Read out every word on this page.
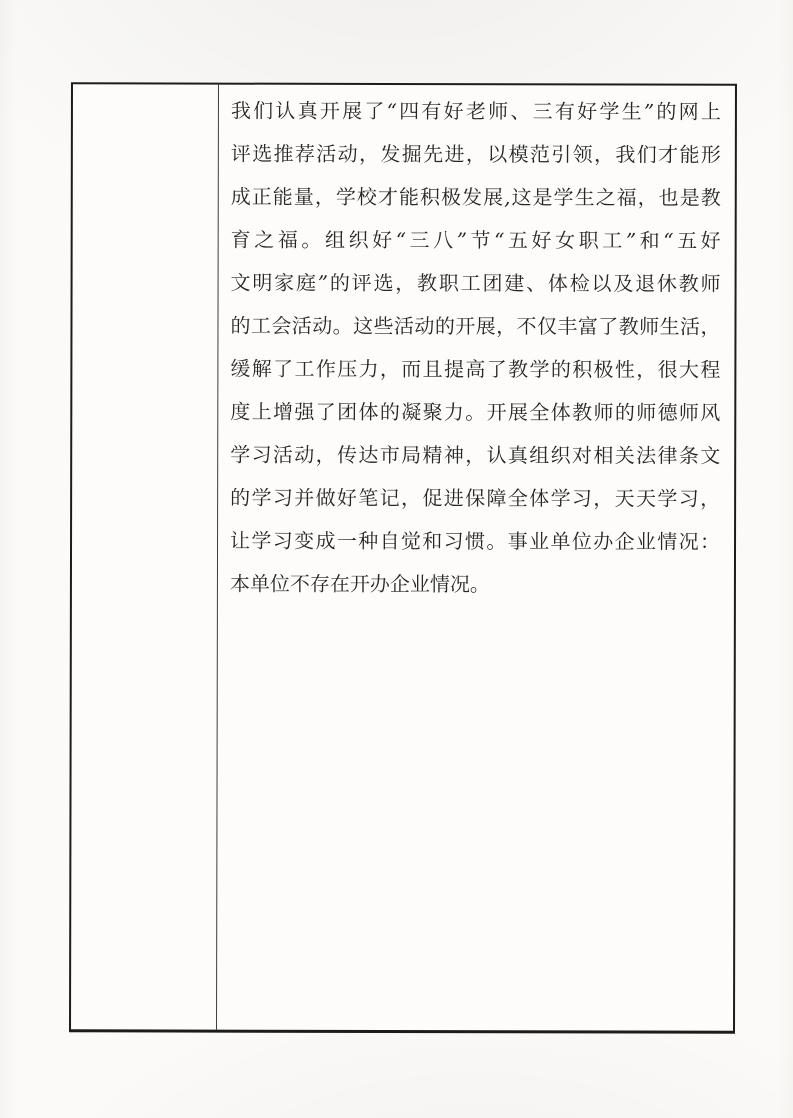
我们认真开展了“四有好老师、三有好学生”的网上
评选推荐活动，发掘先进，以模范引领，我们才能形
成正能量，学校才能积极发展,这是学生之福，也是教
育之福。组织好“三八”节“五好女职工”和“五好
文明家庭”的评选，教职工团建、体检以及退休教师
的工会活动。这些活动的开展，不仅丰富了教师生活，
缓解了工作压力，而且提高了教学的积极性，很大程
度上增强了团体的凝聚力。开展全体教师的师德师风
学习活动，传达市局精神，认真组织对相关法律条文
的学习并做好笔记，促进保障全体学习，天天学习，
让学习变成一种自觉和习惯。事业单位办企业情况：
本单位不存在开办企业情况。
